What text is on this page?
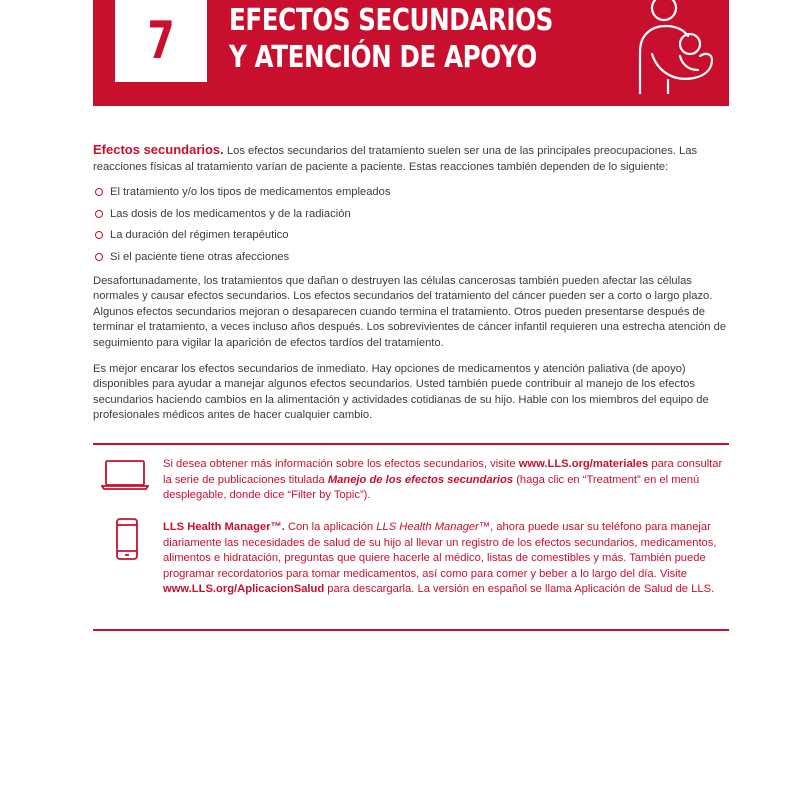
7 EFECTOS SECUNDARIOS
Y ATENCIÓN DE APOYO

Efectos secundarios. Los efectos secundarios del tratamiento suelen ser una de las principales preocupaciones. Las reacciones físicas al tratamiento varían de paciente a paciente. Estas reacciones también dependen de lo siguiente:

El tratamiento y/o los tipos de medicamentos empleados
Las dosis de los medicamentos y de la radiación
La duración del régimen terapéutico
Si el paciente tiene otras afecciones

Desafortunadamente, los tratamientos que dañan o destruyen las células cancerosas también pueden afectar las células normales y causar efectos secundarios. Los efectos secundarios del tratamiento del cáncer pueden ser a corto o largo plazo. Algunos efectos secundarios mejoran o desaparecen cuando termina el tratamiento. Otros pueden presentarse después de terminar el tratamiento, a veces incluso años después. Los sobrevivientes de cáncer infantil requieren una estrecha atención de seguimiento para vigilar la aparición de efectos tardíos del tratamiento.

Es mejor encarar los efectos secundarios de inmediato. Hay opciones de medicamentos y atención paliativa (de apoyo) disponibles para ayudar a manejar algunos efectos secundarios. Usted también puede contribuir al manejo de los efectos secundarios haciendo cambios en la alimentación y actividades cotidianas de su hijo. Hable con los miembros del equipo de profesionales médicos antes de hacer cualquier cambio.

Si desea obtener más información sobre los efectos secundarios, visite www.LLS.org/materiales para consultar la serie de publicaciones titulada Manejo de los efectos secundarios (haga clic en “Treatment” en el menú desplegable, donde dice “Filter by Topic”).
LLS Health Manager™. Con la aplicación LLS Health Manager™, ahora puede usar su teléfono para manejar diariamente las necesidades de salud de su hijo al llevar un registro de los efectos secundarios, medicamentos, alimentos e hidratación, preguntas que quiere hacerle al médico, listas de comestibles y más. También puede programar recordatorios para tomar medicamentos, así como para comer y beber a lo largo del día. Visite www.LLS.org/AplicacionSalud para descargarla. La versión en español se llama Aplicación de Salud de LLS.
